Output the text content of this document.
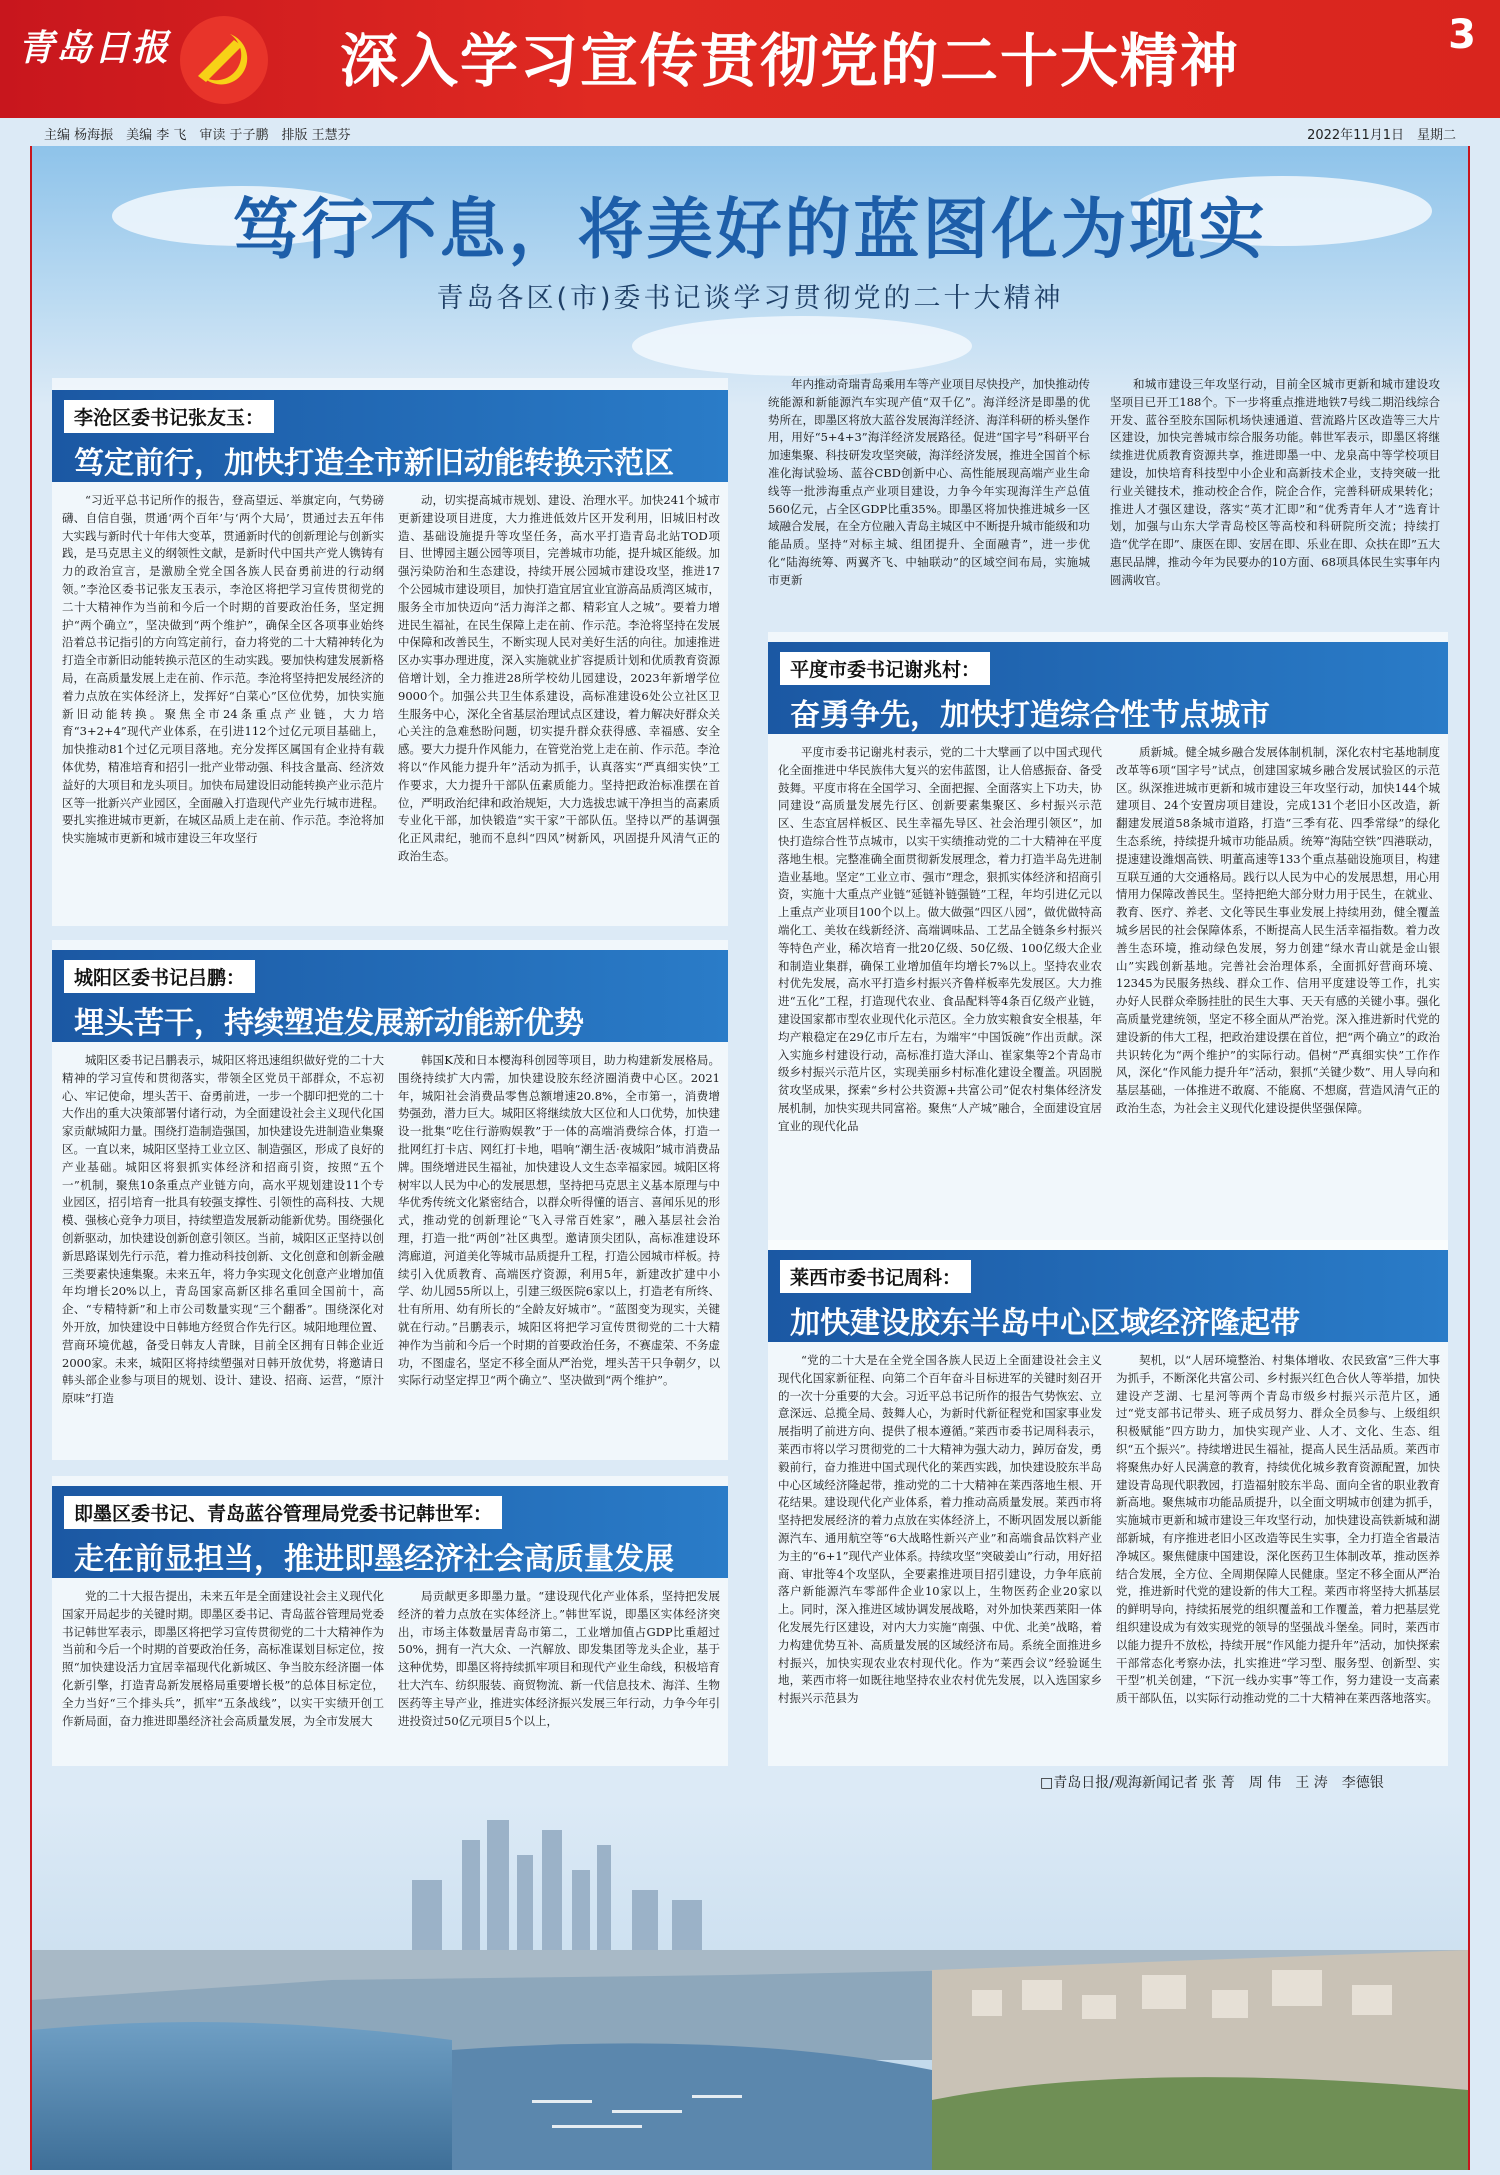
青岛日报	深入学习宣传贯彻党的二十大精神	3
主编 杨海振　美编 李 飞　审读 于子鹏　排版 王慧芬	2022年11月1日　星期二
笃行不息，将美好的蓝图化为现实
青岛各区(市)委书记谈学习贯彻党的二十大精神
李沧区委书记张友玉：
笃定前行，加快打造全市新旧动能转换示范区

“习近平总书记所作的报告，登高望远、举旗定向，气势磅礴、自信自强，贯通‘两个百年’与‘两个大局’，贯通过去五年伟大实践与新时代十年伟大变革，贯通新时代的创新理论与创新实践，是马克思主义的纲领性文献，是新时代中国共产党人镌铸有力的政治宣言，是激励全党全国各族人民奋勇前进的行动纲领。”李沧区委书记张友玉表示，李沧区将把学习宣传贯彻党的二十大精神作为当前和今后一个时期的首要政治任务，坚定拥护“两个确立”，坚决做到“两个维护”，确保全区各项事业始终沿着总书记指引的方向笃定前行，奋力将党的二十大精神转化为打造全市新旧动能转换示范区的生动实践。要加快构建发展新格局，在高质量发展上走在前、作示范。李沧将坚持把发展经济的着力点放在实体经济上，发挥好“白菜心”区位优势，加快实施新旧动能转换。聚焦全市24条重点产业链，大力培育“3+2+4”现代产业体系，在引进112个过亿元项目基础上，加快推动81个过亿元项目落地。充分发挥区属国有企业持有载体优势，精准培育和招引一批产业带动强、科技含量高、经济效益好的大项目和龙头项目。加快布局建设旧动能转换产业示范片区等一批新兴产业园区，全面融入打造现代产业先行城市进程。要扎实推进城市更新，在城区品质上走在前、作示范。李沧将加快实施城市更新和城市建设三年攻坚行

动，切实提高城市规划、建设、治理水平。加快241个城市更新建设项目进度，大力推进低效片区开发利用，旧城旧村改造、基础设施提升等攻坚任务，高水平打造青岛北站TOD项目、世博园主题公园等项目，完善城市功能，提升城区能级。加强污染防治和生态建设，持续开展公园城市建设攻坚，推进17个公园城市建设项目，加快打造宜居宜业宜游高品质湾区城市，服务全市加快迈向“活力海洋之都、精彩宜人之城”。要着力增进民生福祉，在民生保障上走在前、作示范。李沧将坚持在发展中保障和改善民生，不断实现人民对美好生活的向往。加速推进区办实事办理进度，深入实施就业扩容提质计划和优质教育资源倍增计划，全力推进28所学校幼儿园建设，2023年新增学位9000个。加强公共卫生体系建设，高标准建设6处公立社区卫生服务中心，深化全省基层治理试点区建设，着力解决好群众关心关注的急难愁盼问题，切实提升群众获得感、幸福感、安全感。要大力提升作风能力，在管党治党上走在前、作示范。李沧将以“作风能力提升年”活动为抓手，认真落实“严真细实快”工作要求，大力提升干部队伍素质能力。坚持把政治标准摆在首位，严明政治纪律和政治规矩，大力选拔忠诚干净担当的高素质专业化干部，加快锻造“实干家”干部队伍。坚持以严的基调强化正风肃纪，驰而不息纠“四风”树新风，巩固提升风清气正的政治生态。

城阳区委书记吕鹏：
埋头苦干，持续塑造发展新动能新优势

城阳区委书记吕鹏表示，城阳区将迅速组织做好党的二十大精神的学习宣传和贯彻落实，带领全区党员干部群众，不忘初心、牢记使命，埋头苦干、奋勇前进，一步一个脚印把党的二十大作出的重大决策部署付诸行动，为全面建设社会主义现代化国家贡献城阳力量。围绕打造制造强国，加快建设先进制造业集聚区。一直以来，城阳区坚持工业立区、制造强区，形成了良好的产业基础。城阳区将狠抓实体经济和招商引资，按照“五个一”机制，聚焦10条重点产业链方向，高水平规划建设11个专业园区，招引培育一批具有较强支撑性、引领性的高科技、大规模、强核心竞争力项目，持续塑造发展新动能新优势。围绕强化创新驱动，加快建设创新创意引领区。当前，城阳区正坚持以创新思路谋划先行示范，着力推动科技创新、文化创意和创新金融三类要素快速集聚。未来五年，将力争实现文化创意产业增加值年均增长20%以上，青岛国家高新区排名重回全国前十，高企、“专精特新”和上市公司数量实现“三个翻番”。围绕深化对外开放，加快建设中日韩地方经贸合作先行区。城阳地理位置、营商环境优越，备受日韩友人青睐，目前全区拥有日韩企业近2000家。未来，城阳区将持续塑强对日韩开放优势，将邀请日韩头部企业参与项目的规划、设计、建设、招商、运营，“原汁原味”打造

韩国K茂和日本樱海科创园等项目，助力构建新发展格局。围绕持续扩大内需，加快建设胶东经济圈消费中心区。2021年，城阳社会消费品零售总额增速20.8%，全市第一，消费增势强劲，潜力巨大。城阳区将继续放大区位和人口优势，加快建设一批集“吃住行游购娱教”于一体的高端消费综合体，打造一批网红打卡店、网红打卡地，唱响“潮生活·夜城阳”城市消费品牌。围绕增进民生福祉，加快建设人文生态幸福家园。城阳区将树牢以人民为中心的发展思想，坚持把马克思主义基本原理与中华优秀传统文化紧密结合，以群众听得懂的语言、喜闻乐见的形式，推动党的创新理论“飞入寻常百姓家”，融入基层社会治理，打造一批“两创”社区典型。邀请顶尖团队，高标准建设环湾廊道，河道美化等城市品质提升工程，打造公园城市样板。持续引入优质教育、高端医疗资源，利用5年，新建改扩建中小学、幼儿园55所以上，引建三级医院6家以上，打造老有所终、壮有所用、幼有所长的“全龄友好城市”。“蓝图变为现实，关键就在行动。”吕鹏表示，城阳区将把学习宣传贯彻党的二十大精神作为当前和今后一个时期的首要政治任务，不赛虚荣、不务虚功，不图虚名，坚定不移全面从严治党，埋头苦干只争朝夕，以实际行动坚定捍卫“两个确立”、坚决做到“两个维护”。

即墨区委书记、青岛蓝谷管理局党委书记韩世军：
走在前显担当，推进即墨经济社会高质量发展

党的二十大报告提出，未来五年是全面建设社会主义现代化国家开局起步的关键时期。即墨区委书记、青岛蓝谷管理局党委书记韩世军表示，即墨区将把学习宣传贯彻党的二十大精神作为当前和今后一个时期的首要政治任务，高标准谋划目标定位，按照“加快建设活力宜居幸福现代化新城区、争当胶东经济圈一体化新引擎，打造青岛新发展格局重要增长极”的总体目标定位，全力当好“三个排头兵”，抓牢“五条战线”，以实干实绩开创工作新局面，奋力推进即墨经济社会高质量发展，为全市发展大

局贡献更多即墨力量。“建设现代化产业体系，坚持把发展经济的着力点放在实体经济上。”韩世军说，即墨区实体经济突出，市场主体数量居青岛市第二，工业增加值占GDP比重超过50%，拥有一汽大众、一汽解放、即发集团等龙头企业，基于这种优势，即墨区将持续抓牢项目和现代产业生命线，积极培育壮大汽车、纺织服装、商贸物流、新一代信息技术、海洋、生物医药等主导产业，推进实体经济振兴发展三年行动，力争今年引进投资过50亿元项目5个以上，

年内推动奇瑞青岛乘用车等产业项目尽快投产，加快推动传统能源和新能源汽车实现产值“双千亿”。海洋经济是即墨的优势所在，即墨区将放大蓝谷发展海洋经济、海洋科研的桥头堡作用，用好“5+4+3”海洋经济发展路径。促进“国字号”科研平台加速集聚、科技研发攻坚突破，海洋经济发展，推进全国首个标准化海试验场、蓝谷CBD创新中心、高性能展现高端产业生命线等一批涉海重点产业项目建设，力争今年实现海洋生产总值560亿元，占全区GDP比重35%。即墨区将加快推进城乡一区域融合发展，在全方位融入青岛主城区中不断提升城市能级和功能品质。坚持“对标主城、组团提升、全面融青”，进一步优化“陆海统筹、两翼齐飞、中轴联动”的区域空间布局，实施城市更新

和城市建设三年攻坚行动，目前全区城市更新和城市建设攻坚项目已开工188个。下一步将重点推进地铁7号线二期沿线综合开发、蓝谷至胶东国际机场快速通道、营流路片区改造等三大片区建设，加快完善城市综合服务功能。韩世军表示，即墨区将继续推进优质教育资源共享，推进即墨一中、龙泉高中等学校项目建设，加快培育科技型中小企业和高新技术企业，支持突破一批行业关键技术，推动校企合作，院企合作，完善科研成果转化；推进人才强区建设，落实“英才汇即”和“优秀青年人才”选育计划，加强与山东大学青岛校区等高校和科研院所交流；持续打造“优学在即”、康医在即、安居在即、乐业在即、众扶在即”五大惠民品牌，推动今年为民要办的10方面、68项具体民生实事年内圆满收官。

平度市委书记谢兆村：
奋勇争先，加快打造综合性节点城市

平度市委书记谢兆村表示，党的二十大擘画了以中国式现代化全面推进中华民族伟大复兴的宏伟蓝图，让人倍感振奋、备受鼓舞。平度市将在全国学习、全面把握、全面落实上下功夫，协同建设“高质量发展先行区、创新要素集聚区、乡村振兴示范区、生态宜居样板区、民生幸福先导区、社会治理引领区”，加快打造综合性节点城市，以实干实绩推动党的二十大精神在平度落地生根。完整准确全面贯彻新发展理念，着力打造半岛先进制造业基地。坚定“工业立市、强市”理念，狠抓实体经济和招商引资，实施十大重点产业链“延链补链强链”工程，年均引进亿元以上重点产业项目100个以上。做大做强“四区八园”，做优做特高端化工、美妆在线新经济、高端调味品、工艺品全链条乡村振兴等特色产业，稀次培育一批20亿级、50亿级、100亿级大企业和制造业集群，确保工业增加值年均增长7%以上。坚持农业农村优先发展，高水平打造乡村振兴齐鲁样板率先发展区。大力推进“五化”工程，打造现代农业、食品配料等4条百亿级产业链，建设国家都市型农业现代化示范区。全力放实粮食安全根基，年均产粮稳定在29亿市斤左右，为端牢“中国饭碗”作出贡献。深入实施乡村建设行动，高标准打造大泽山、崔家集等2个青岛市级乡村振兴示范片区，实现美丽乡村标准化建设全覆盖。巩固脱贫攻坚成果，探索“乡村公共资源+共富公司”促农村集体经济发展机制，加快实现共同富裕。聚焦“人产城”融合，全面建设宜居宜业的现代化品

质新城。健全城乡融合发展体制机制，深化农村宅基地制度改革等6项“国字号”试点，创建国家城乡融合发展试验区的示范区。纵深推进城市更新和城市建设三年攻坚行动，加快144个城建项目、24个安置房项目建设，完成131个老旧小区改造，新翻建发展道58条城市道路，打造“三季有花、四季常绿”的绿化生态系统，持续提升城市功能品质。统筹“海陆空铁”四港联动，提速建设潍烟高铁、明董高速等133个重点基础设施项目，构建互联互通的大交通格局。践行以人民为中心的发展思想，用心用情用力保障改善民生。坚持把绝大部分财力用于民生，在就业、教育、医疗、养老、文化等民生事业发展上持续用劲，健全覆盖城乡居民的社会保障体系，不断提高人民生活幸福指数。着力改善生态环境，推动绿色发展，努力创建“绿水青山就是金山银山”实践创新基地。完善社会治理体系，全面抓好营商环境、12345为民服务热线、群众工作、信用平度建设等工作，扎实办好人民群众牵肠挂肚的民生大事、天天有感的关键小事。强化高质量党建统领，坚定不移全面从严治党。深入推进新时代党的建设新的伟大工程，把政治建设摆在首位，把“两个确立”的政治共识转化为“两个维护”的实际行动。倡树“严真细实快”工作作风，深化“作风能力提升年”活动，狠抓“关键少数”、用人导向和基层基础，一体推进不敢腐、不能腐、不想腐，营造风清气正的政治生态，为社会主义现代化建设提供坚强保障。

莱西市委书记周科：
加快建设胶东半岛中心区域经济隆起带

“党的二十大是在全党全国各族人民迈上全面建设社会主义现代化国家新征程、向第二个百年奋斗目标进军的关键时刻召开的一次十分重要的大会。习近平总书记所作的报告气势恢宏、立意深远、总揽全局、鼓舞人心，为新时代新征程党和国家事业发展指明了前进方向、提供了根本遵循。”莱西市委书记周科表示，莱西市将以学习贯彻党的二十大精神为强大动力，踔厉奋发，勇毅前行，奋力推进中国式现代化的莱西实践，加快建设胶东半岛中心区域经济隆起带，推动党的二十大精神在莱西落地生根、开花结果。建设现代化产业体系，着力推动高质量发展。莱西市将坚持把发展经济的着力点放在实体经济上，不断巩固发展以新能源汽车、通用航空等“6大战略性新兴产业”和高端食品饮料产业为主的“6+1”现代产业体系。持续攻坚“突破姜山”行动，用好招商、审批等4个攻坚队，全要素推进项目招引建设，力争年底前落户新能源汽车零部件企业10家以上，生物医药企业20家以上。同时，深入推进区域协调发展战略，对外加快莱西莱阳一体化发展先行区建设，对内大力实施“南强、中优、北美”战略，着力构建优势互补、高质量发展的区域经济布局。系统全面推进乡村振兴，加快实现农业农村现代化。作为“莱西会议”经验诞生地，莱西市将一如既往地坚持农业农村优先发展，以入选国家乡村振兴示范县为

契机，以“人居环境整治、村集体增收、农民致富”三件大事为抓手，不断深化共富公司、乡村振兴红色合伙人等举措，加快建设产芝湖、七星河等两个青岛市级乡村振兴示范片区，通过“党支部书记带头、班子成员努力、群众全员参与、上级组织积极赋能”四方助力，加快实现产业、人才、文化、生态、组织“五个振兴”。持续增进民生福祉，提高人民生活品质。莱西市将聚焦办好人民满意的教育，持续优化城乡教育资源配置，加快建设青岛现代职教园，打造福射胶东半岛、面向全省的职业教育新高地。聚焦城市功能品质提升，以全面文明城市创建为抓手，实施城市更新和城市建设三年攻坚行动，加快建设高铁新城和湖部新城，有序推进老旧小区改造等民生实事，全力打造全省最洁净城区。聚焦健康中国建设，深化医药卫生体制改革，推动医养结合发展，全方位、全周期保障人民健康。坚定不移全面从严治党，推进新时代党的建设新的伟大工程。莱西市将坚持大抓基层的鲜明导向，持续拓展党的组织覆盖和工作覆盖，着力把基层党组织建设成为有效实现党的领导的坚强战斗堡垒。同时，莱西市以能力提升不放松，持续开展“作风能力提升年”活动，加快探索干部常态化考察办法，扎实推进“学习型、服务型、创新型、实干型”机关创建，“下沉一线办实事”等工作，努力建设一支高素质干部队伍，以实际行动推动党的二十大精神在莱西落地落实。

□青岛日报/观海新闻记者 张 菁　周 伟　王 涛　李德银
